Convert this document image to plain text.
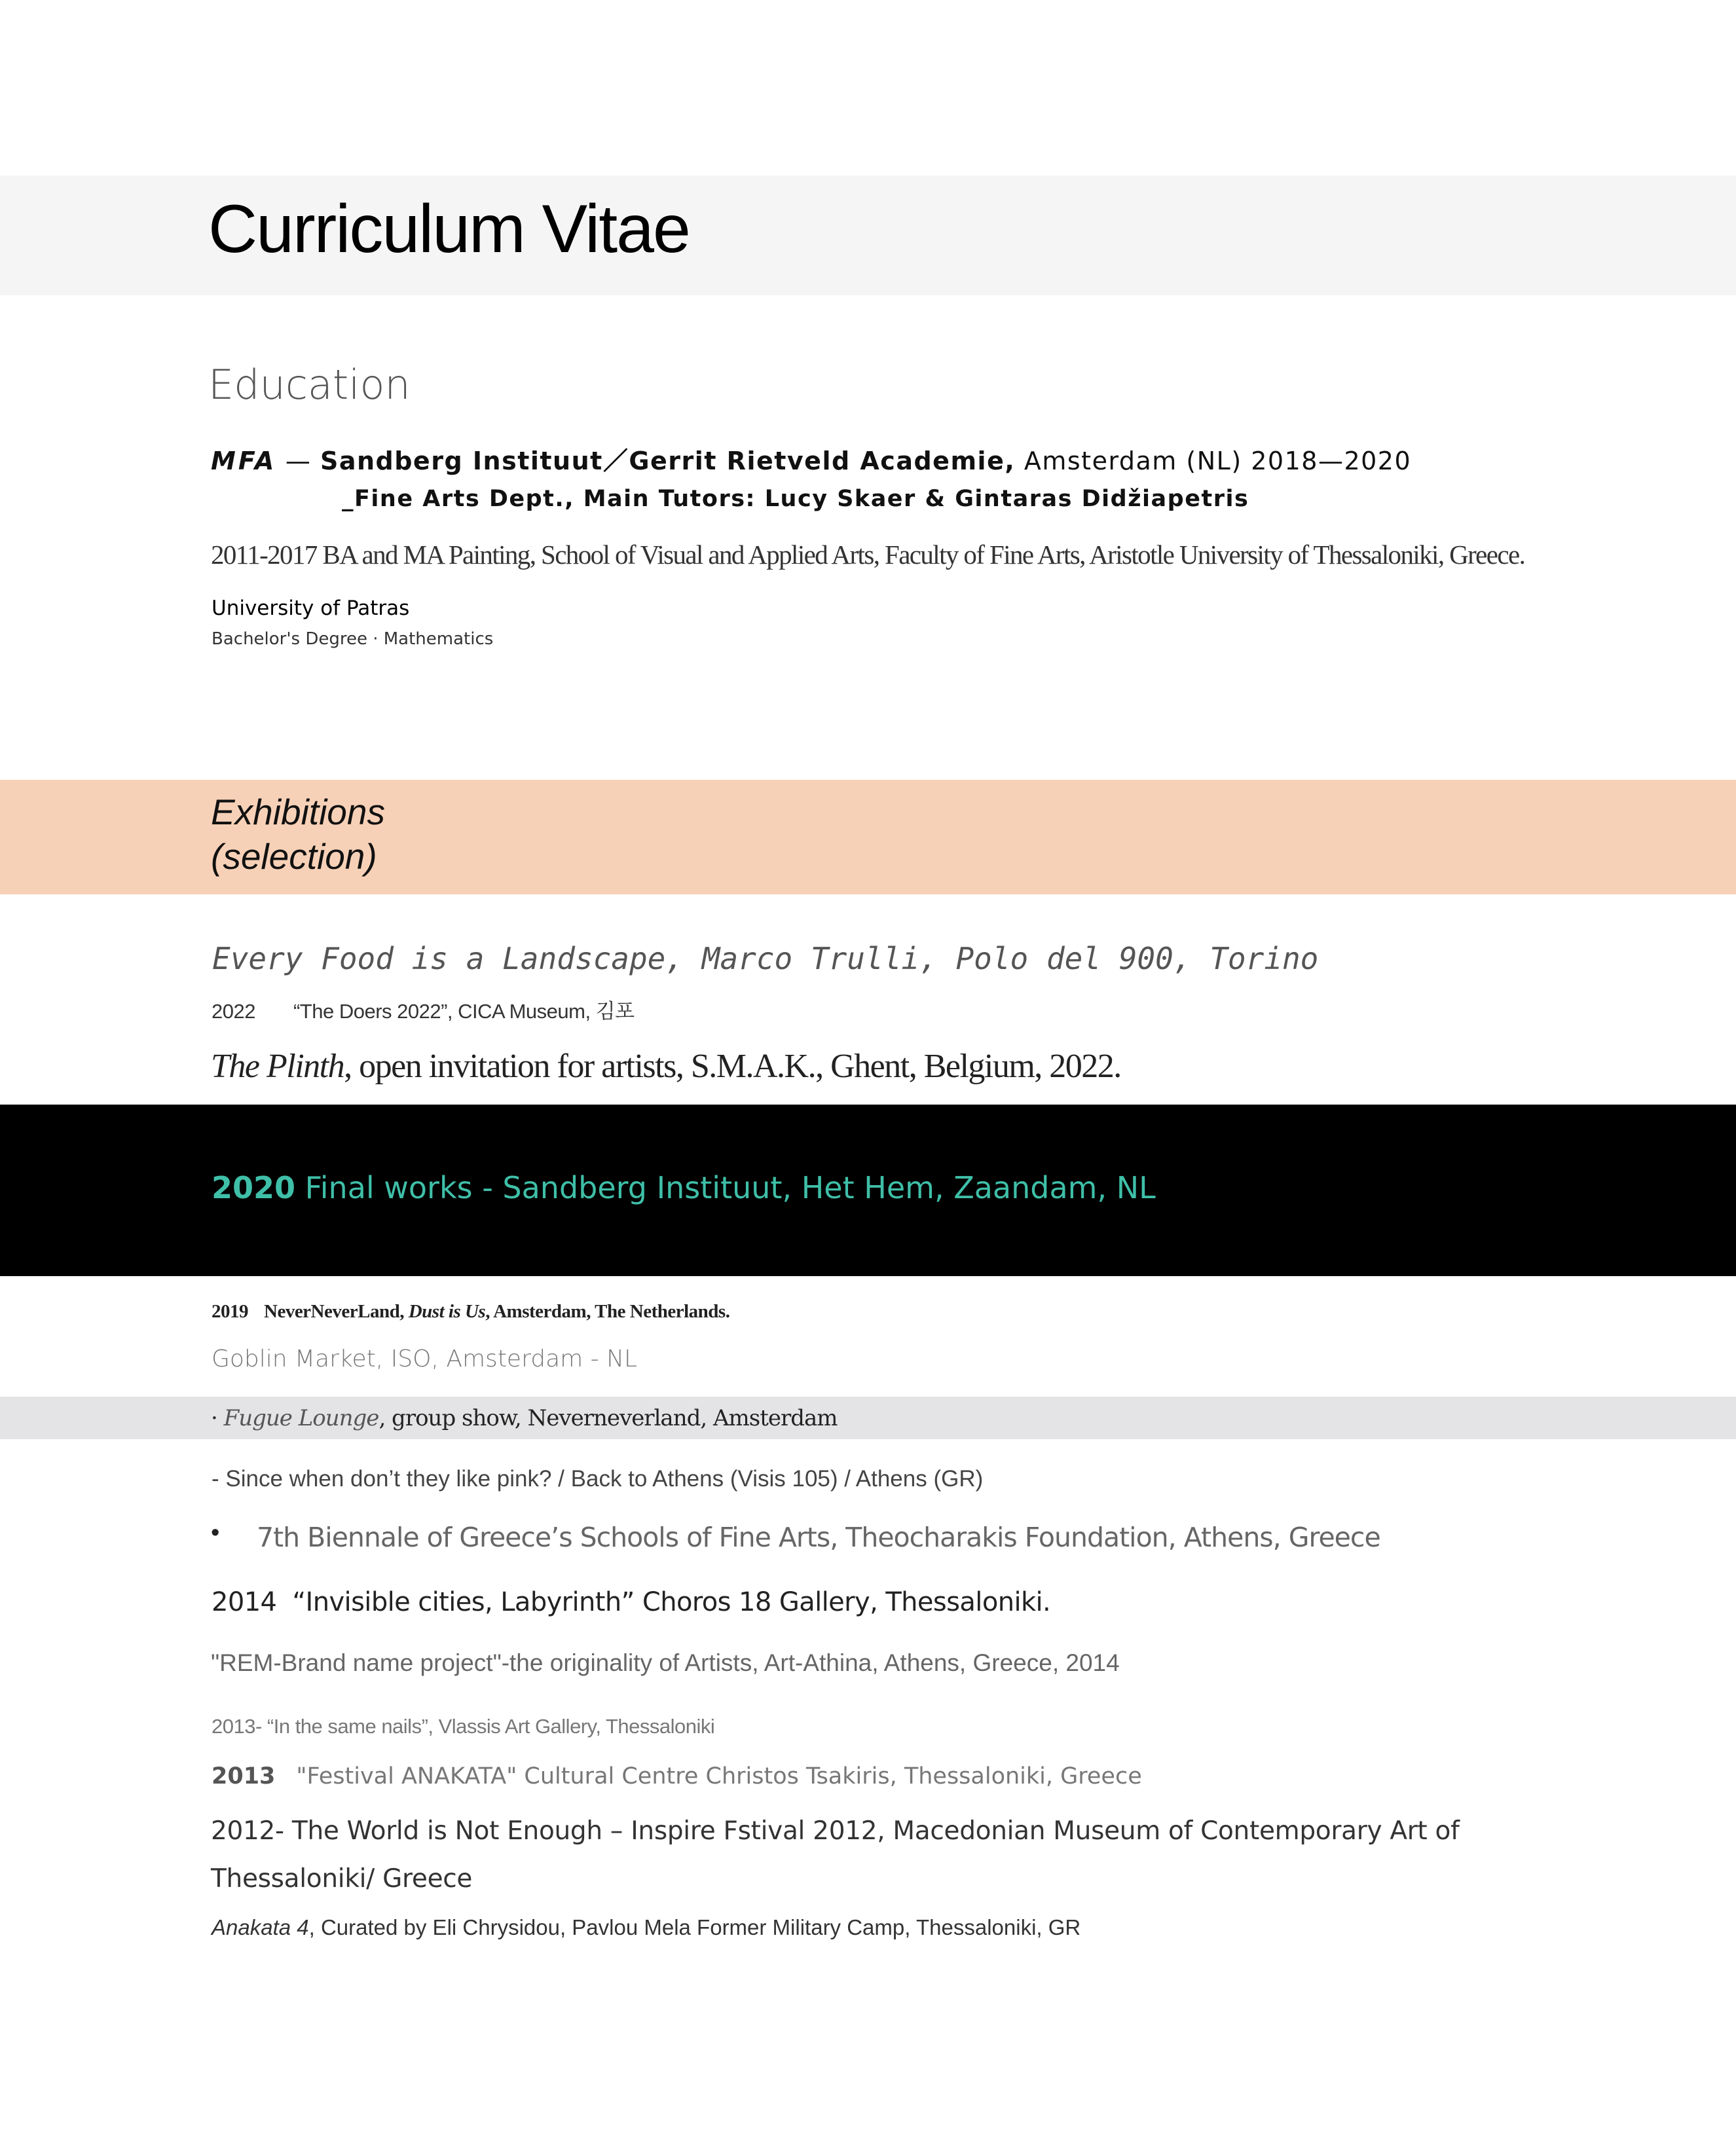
Curriculum Vitae
Education
MFA — Sandberg Instituut／Gerrit Rietveld Academie, Amsterdam (NL) 2018—2020
_Fine Arts Dept., Main Tutors: Lucy Skaer & Gintaras Didžiapetris
2011-2017 BA and MA Painting, School of Visual and Applied Arts, Faculty of Fine Arts, Aristotle University of Thessaloniki, Greece.
University of Patras
Bachelor's Degree · Mathematics
Exhibitions
(selection)
Every Food is a Landscape, Marco Trulli, Polo del 900, Torino
2022 “The Doers 2022”, CICA Museum, 김포
The Plinth, open invitation for artists, S.M.A.K., Ghent, Belgium, 2022.
2020 Final works - Sandberg Instituut, Het Hem, Zaandam, NL
2019 NeverNeverLand, Dust is Us, Amsterdam, The Netherlands.
Goblin Market, ISO, Amsterdam - NL
· Fugue Lounge, group show, Neverneverland, Amsterdam
- Since when don’t they like pink? / Back to Athens (Visis 105) / Athens (GR)
• 7th Biennale of Greece’s Schools of Fine Arts, Theocharakis Foundation, Athens, Greece
2014 “Invisible cities, Labyrinth” Choros 18 Gallery, Thessaloniki.
"REM-Brand name project"-the originality of Artists, Art-Athina, Athens, Greece, 2014
2013- “In the same nails”, Vlassis Art Gallery, Thessaloniki
2013 "Festival ANAKATA" Cultural Centre Christos Tsakiris, Thessaloniki, Greece
2012- The World is Not Enough – Inspire Fstival 2012, Macedonian Museum of Contemporary Art of
Thessaloniki/ Greece
Anakata 4, Curated by Eli Chrysidou, Pavlou Mela Former Military Camp, Thessaloniki, GR
